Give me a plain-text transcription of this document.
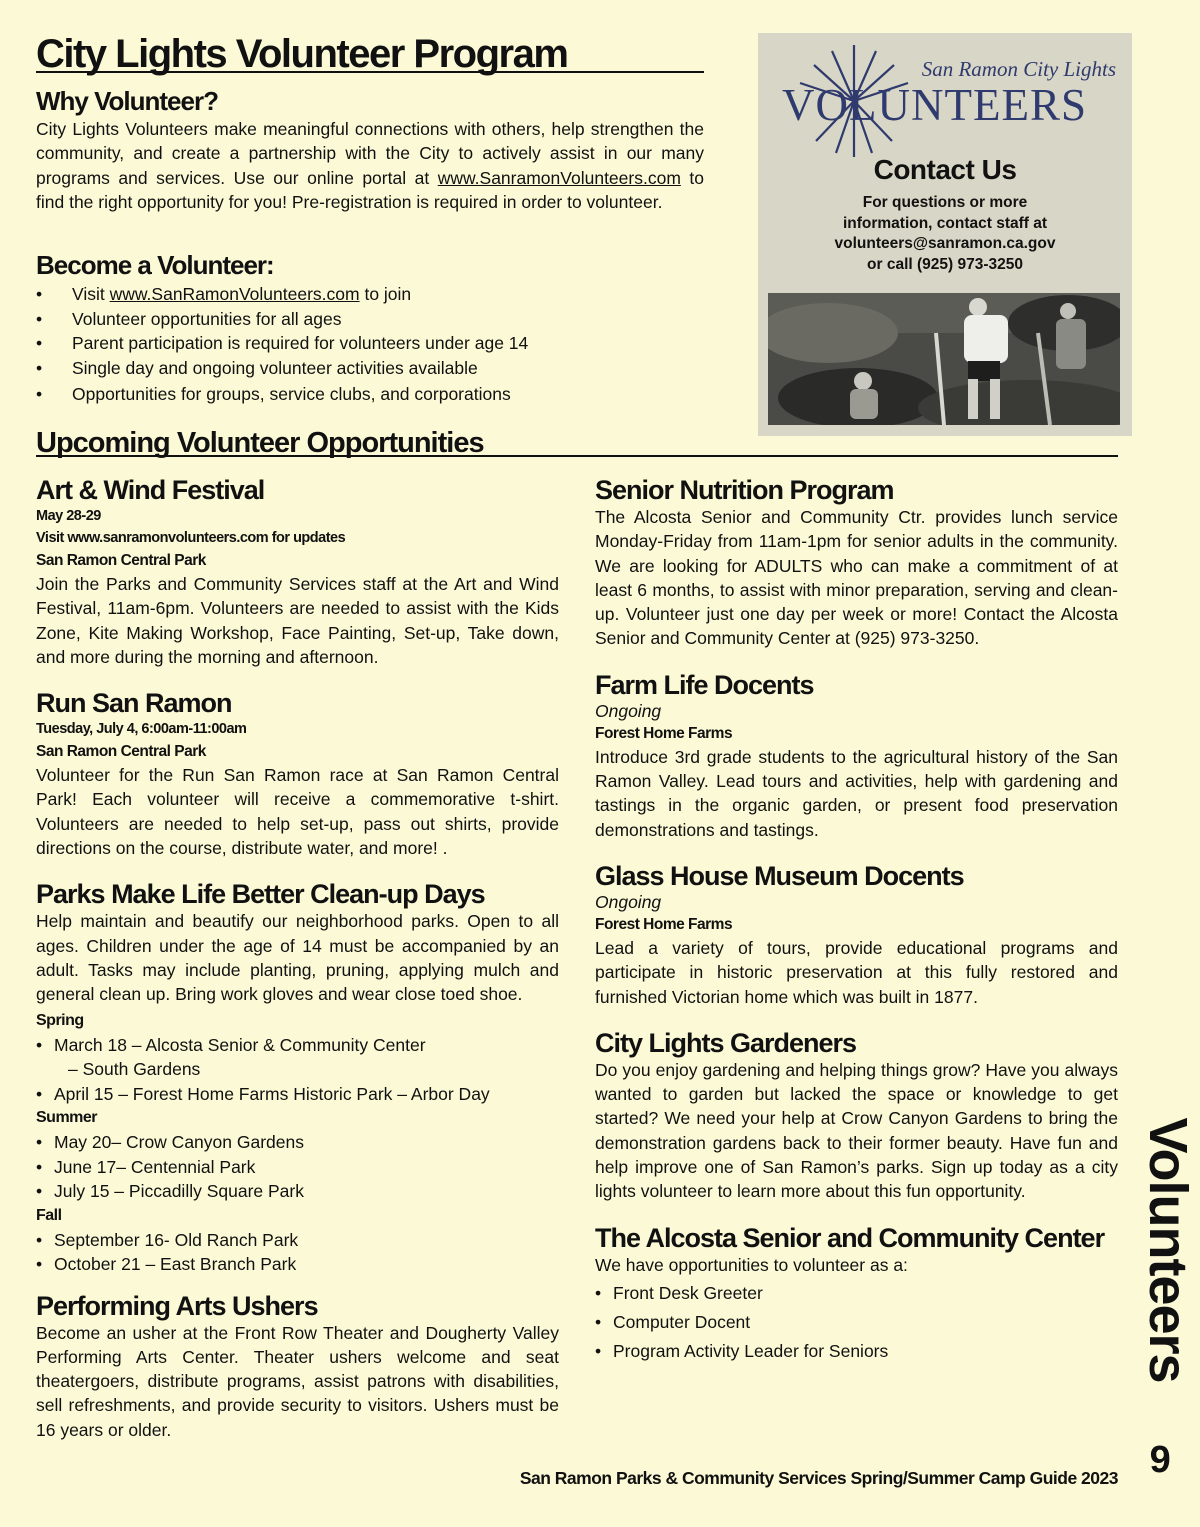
City Lights Volunteer Program

Why Volunteer?

City Lights Volunteers make meaningful connections with others, help strengthen the community, and create a partnership with the City to actively assist in our many programs and services. Use our online portal at www.SanramonVolunteers.com to find the right opportunity for you! Pre-registration is required in order to volunteer.

Become a Volunteer:

• Visit www.SanRamonVolunteers.com to join
• Volunteer opportunities for all ages
• Parent participation is required for volunteers under age 14
• Single day and ongoing volunteer activities available
• Opportunities for groups, service clubs, and corporations
San Ramon City Lights
VOLUNTEERS
Contact Us
For questions or more
information, contact staff at
volunteers@sanramon.ca.gov
or call (925) 973-3250
Upcoming Volunteer Opportunities

Art & Wind Festival

May 28-29

Visit www.sanramonvolunteers.com for updates

San Ramon Central Park

Join the Parks and Community Services staff at the Art and Wind Festival, 11am-6pm. Volunteers are needed to assist with the Kids Zone, Kite Making Workshop, Face Painting, Set-up, Take down, and more during the morning and afternoon.

Run San Ramon

Tuesday, July 4, 6:00am-11:00am

San Ramon Central Park

Volunteer for the Run San Ramon race at San Ramon Central Park! Each volunteer will receive a commemorative t-shirt. Volunteers are needed to help set-up, pass out shirts, provide directions on the course, distribute water, and more! .

Parks Make Life Better Clean-up Days

Help maintain and beautify our neighborhood parks. Open to all ages. Children under the age of 14 must be accompanied by an adult. Tasks may include planting, pruning, applying mulch and general clean up. Bring work gloves and wear close toed shoe.

Spring

• March 18 – Alcosta Senior & Community Center
– South Gardens
• April 15 – Forest Home Farms Historic Park – Arbor Day

Summer

• May 20– Crow Canyon Gardens
• June 17– Centennial Park
• July 15 – Piccadilly Square Park

Fall

• September 16- Old Ranch Park
• October 21 – East Branch Park

Performing Arts Ushers

Become an usher at the Front Row Theater and Dougherty Valley Performing Arts Center. Theater ushers welcome and seat theatergoers, distribute programs, assist patrons with disabilities, sell refreshments, and provide security to visitors. Ushers must be 16 years or older.

Senior Nutrition Program

The Alcosta Senior and Community Ctr. provides lunch service Monday-Friday from 11am-1pm for senior adults in the community. We are looking for ADULTS who can make a commitment of at least 6 months, to assist with minor preparation, serving and clean-up. Volunteer just one day per week or more! Contact the Alcosta Senior and Community Center at (925) 973-3250.

Farm Life Docents

Ongoing

Forest Home Farms

Introduce 3rd grade students to the agricultural history of the San Ramon Valley. Lead tours and activities, help with gardening and tastings in the organic garden, or present food preservation demonstrations and tastings.

Glass House Museum Docents

Ongoing

Forest Home Farms

Lead a variety of tours, provide educational programs and participate in historic preservation at this fully restored and furnished Victorian home which was built in 1877.

City Lights Gardeners

Do you enjoy gardening and helping things grow? Have you always wanted to garden but lacked the space or knowledge to get started? We need your help at Crow Canyon Gardens to bring the demonstration gardens back to their former beauty. Have fun and help improve one of San Ramon’s parks. Sign up today as a city lights volunteer to learn more about this fun opportunity.

The Alcosta Senior and Community Center

We have opportunities to volunteer as a:

• Front Desk Greeter
• Computer Docent
• Program Activity Leader for Seniors	Volunteers
9
San Ramon Parks & Community Services Spring/Summer Camp Guide 2023
